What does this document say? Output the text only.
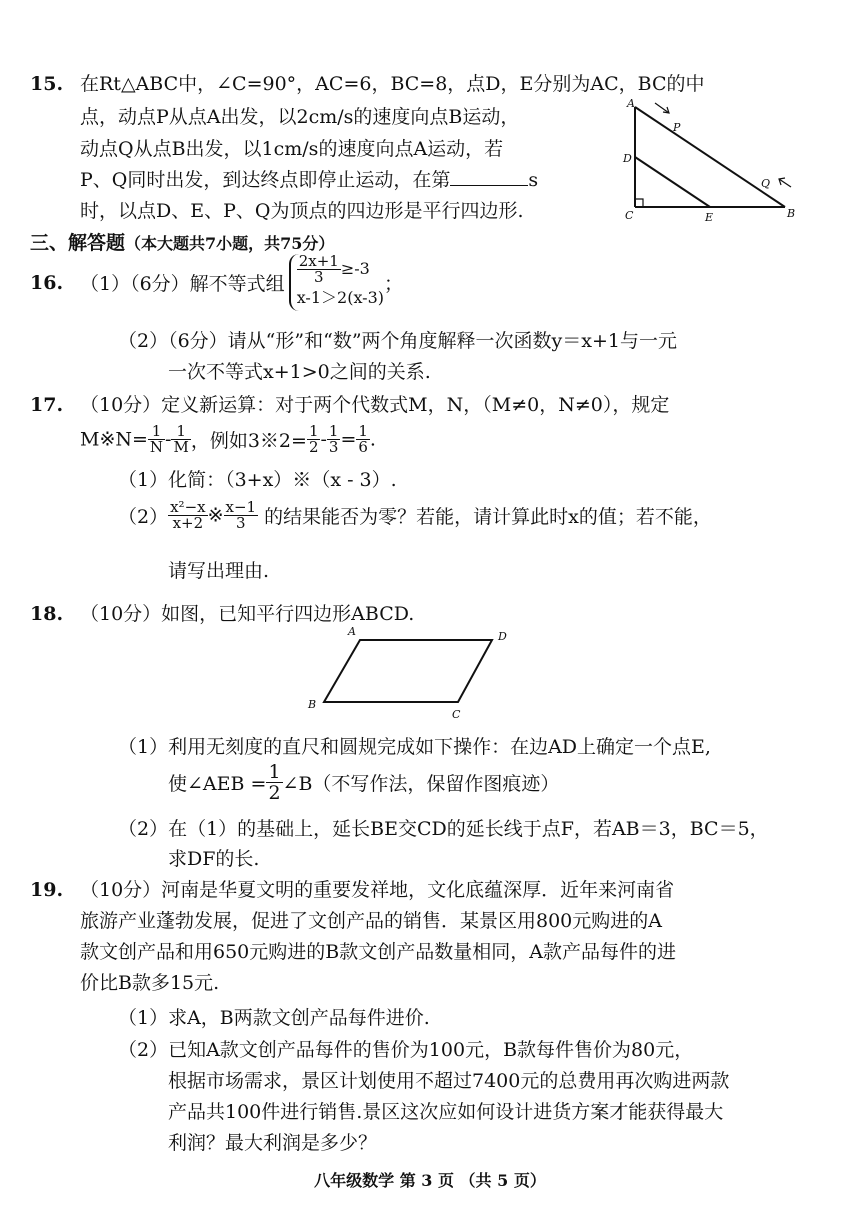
15. 在Rt△ABC中，∠C=90°，AC=6，BC=8，点D，E分别为AC，BC的中
点，动点P从点A出发，以2cm/s的速度向点B运动，
动点Q从点B出发，以1cm/s的速度向点A运动，若
P、Q同时出发，到达终点即停止运动，在第	s
时，以点D、E、P、Q为顶点的四边形是平行四边形.
A
P
D
Q
C	E	B
三、解答题（本大题共7小题，共75分）
16. （1）（6分）解不等式组 $\frac{2x+1}{3} \ge-3$
x-1＞2(x-3)
；
（2）（6分）请从“形”和“数”两个角度解释一次函数y＝x+1与一元
一次不等式x+1>0之间的关系.
17. （10分）定义新运算：对于两个代数式M，N，（M≠0，N≠0），规定
M※N= $\frac{1}{N} - \frac{1}{M}$ ，例如3※2= $\frac{1}{2} - \frac{1}{3} = \frac{1}{6}$ .
（1）化简：（3+x）※（x - 3）.
$(2) \frac{\text{x²−x}}{x+2}$ ※ $\frac{x-1}{3}$ 的结果能否为零？若能，请计算此时x的值；若不能，
请写出理由.
18. （10分）如图，已知平行四边形ABCD.
A	D
B
C
（1）利用无刻度的直尺和圆规完成如下操作：在边AD上确定一个点E,
使∠AEB = $\frac{1}{2}$ ∠B（不写作法，保留作图痕迹）
（2）在（1）的基础上，延长BE交CD的延长线于点F，若AB＝3，BC＝5，
求DF的长.
19. （10分）河南是华夏文明的重要发祥地，文化底蕴深厚．近年来河南省
旅游产业蓬勃发展，促进了文创产品的销售．某景区用800元购进的A
款文创产品和用650元购进的B款文创产品数量相同，A款产品每件的进
价比B款多15元.
（1）求A，B两款文创产品每件进价.
（2）已知A款文创产品每件的售价为100元，B款每件售价为80元，
根据市场需求，景区计划使用不超过7400元的总费用再次购进两款
产品共100件进行销售.景区这次应如何设计进货方案才能获得最大
利润？最大利润是多少？
八年级数学 第 3 页 （共 5 页）
